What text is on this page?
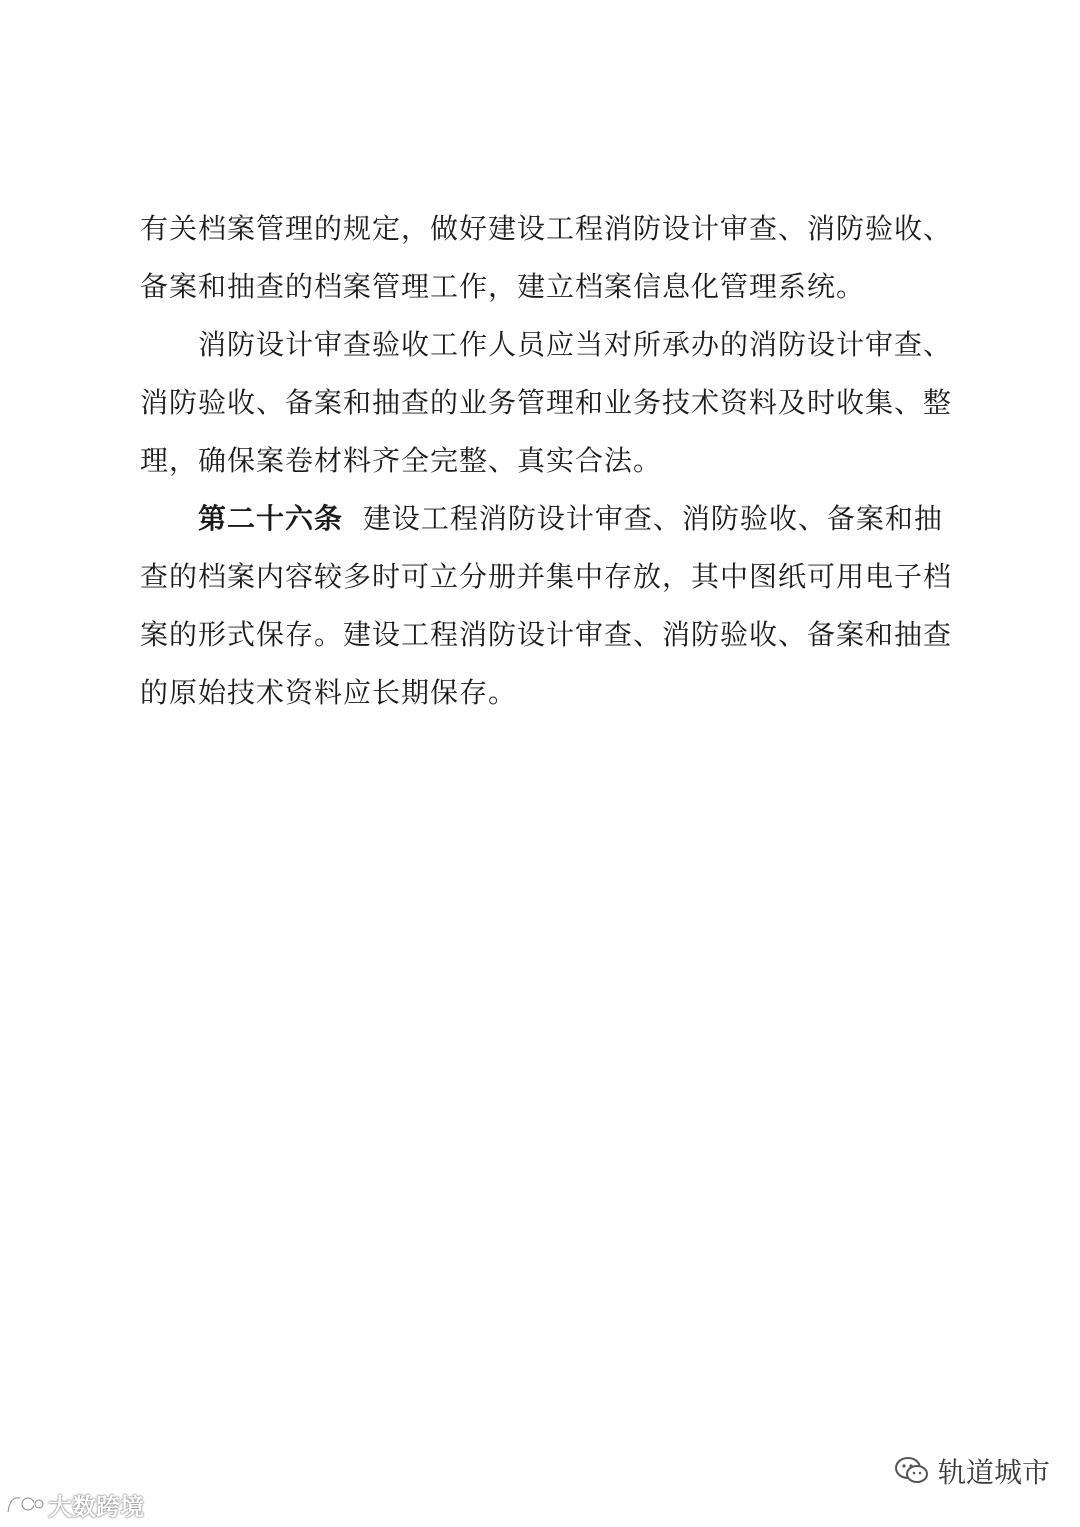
有关档案管理的规定，做好建设工程消防设计审查、消防验收、
备案和抽查的档案管理工作，建立档案信息化管理系统。
消防设计审查验收工作人员应当对所承办的消防设计审查、
消防验收、备案和抽查的业务管理和业务技术资料及时收集、整
理，确保案卷材料齐全完整、真实合法。
第二十六条 建设工程消防设计审查、消防验收、备案和抽
查的档案内容较多时可立分册并集中存放，其中图纸可用电子档
案的形式保存。建设工程消防设计审查、消防验收、备案和抽查
的原始技术资料应长期保存。
轨道城市
大数跨境
